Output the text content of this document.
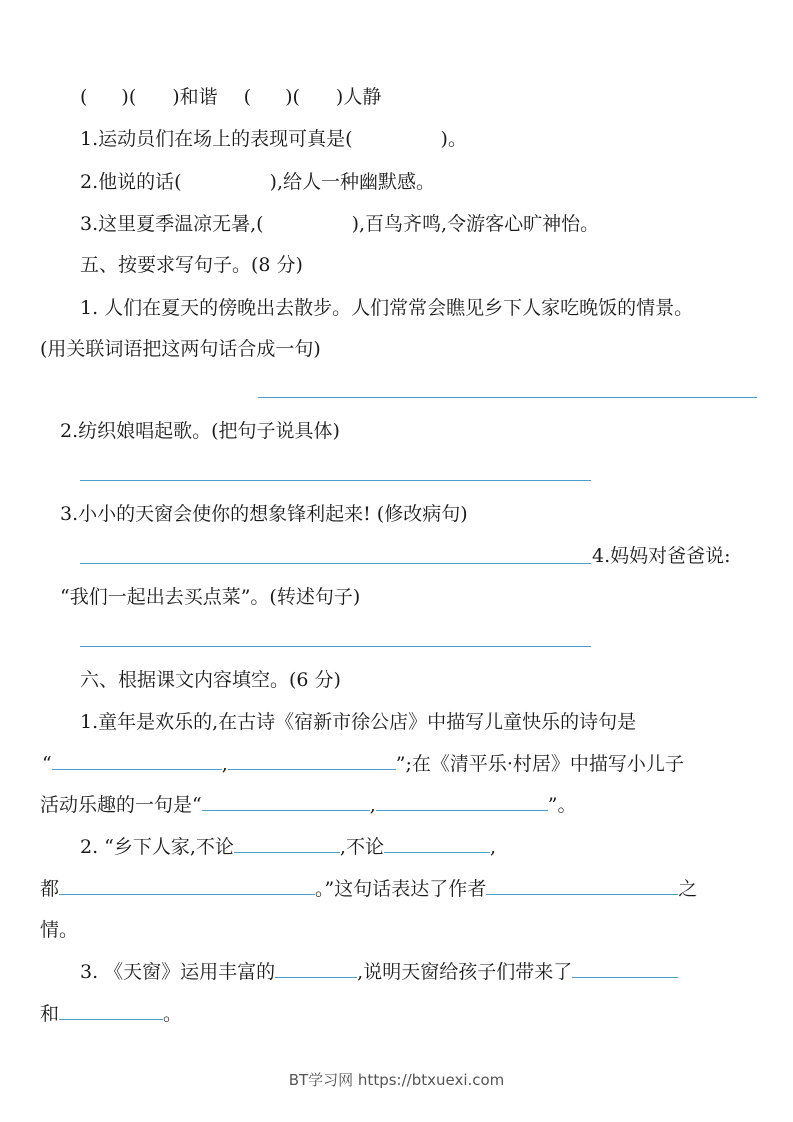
( )( )和谐 ( )( )人静
1.运动员们在场上的表现可真是(	)。
2.他说的话(	),给人一种幽默感。
3.这里夏季温凉无暑,(	),百鸟齐鸣,令游客心旷神怡。
五、按要求写句子。(8 分)
1. 人们在夏天的傍晚出去散步。人们常常会瞧见乡下人家吃晚饭的情景。
(用关联词语把这两句话合成一句)
2.纺织娘唱起歌。(把句子说具体)
3.小小的天窗会使你的想象锋利起来! (修改病句)
4.妈妈对爸爸说:
“我们一起出去买点菜”。(转述句子)
六、根据课文内容填空。(6 分)
1.童年是欢乐的,在古诗《宿新市徐公店》中描写儿童快乐的诗句是
“	,	”;在《清平乐·村居》中描写小儿子
活动乐趣的一句是“	,	”。
2. “乡下人家,不论	,不论	,
都	。”这句话表达了作者	之
情。
3. 《天窗》运用丰富的	,说明天窗给孩子们带来了
和	。
BT学习网 https://btxuexi.com
